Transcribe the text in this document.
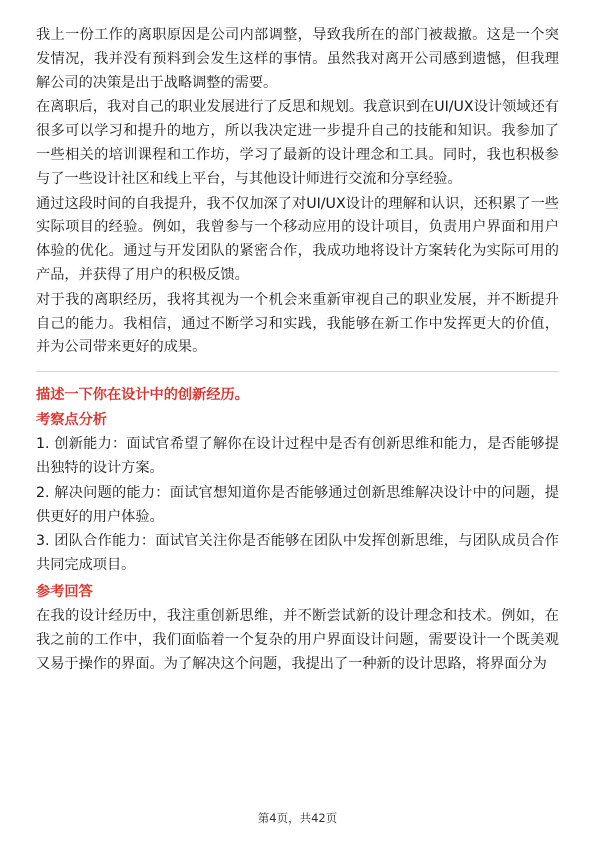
我上一份工作的离职原因是公司内部调整，导致我所在的部门被裁撤。这是一个突发情况，我并没有预料到会发生这样的事情。虽然我对离开公司感到遗憾，但我理解公司的决策是出于战略调整的需要。

在离职后，我对自己的职业发展进行了反思和规划。我意识到在UI/UX设计领域还有很多可以学习和提升的地方，所以我决定进一步提升自己的技能和知识。我参加了一些相关的培训课程和工作坊，学习了最新的设计理念和工具。同时，我也积极参与了一些设计社区和线上平台，与其他设计师进行交流和分享经验。

通过这段时间的自我提升，我不仅加深了对UI/UX设计的理解和认识，还积累了一些实际项目的经验。例如，我曾参与一个移动应用的设计项目，负责用户界面和用户体验的优化。通过与开发团队的紧密合作，我成功地将设计方案转化为实际可用的产品，并获得了用户的积极反馈。

对于我的离职经历，我将其视为一个机会来重新审视自己的职业发展，并不断提升自己的能力。我相信，通过不断学习和实践，我能够在新工作中发挥更大的价值，并为公司带来更好的成果。

描述一下你在设计中的创新经历。

考察点分析

1. 创新能力：面试官希望了解你在设计过程中是否有创新思维和能力，是否能够提出独特的设计方案。

2. 解决问题的能力：面试官想知道你是否能够通过创新思维解决设计中的问题，提供更好的用户体验。

3. 团队合作能力：面试官关注你是否能够在团队中发挥创新思维，与团队成员合作共同完成项目。

参考回答

在我的设计经历中，我注重创新思维，并不断尝试新的设计理念和技术。例如，在我之前的工作中，我们面临着一个复杂的用户界面设计问题，需要设计一个既美观又易于操作的界面。为了解决这个问题，我提出了一种新的设计思路，将界面分为

第4页，共42页
